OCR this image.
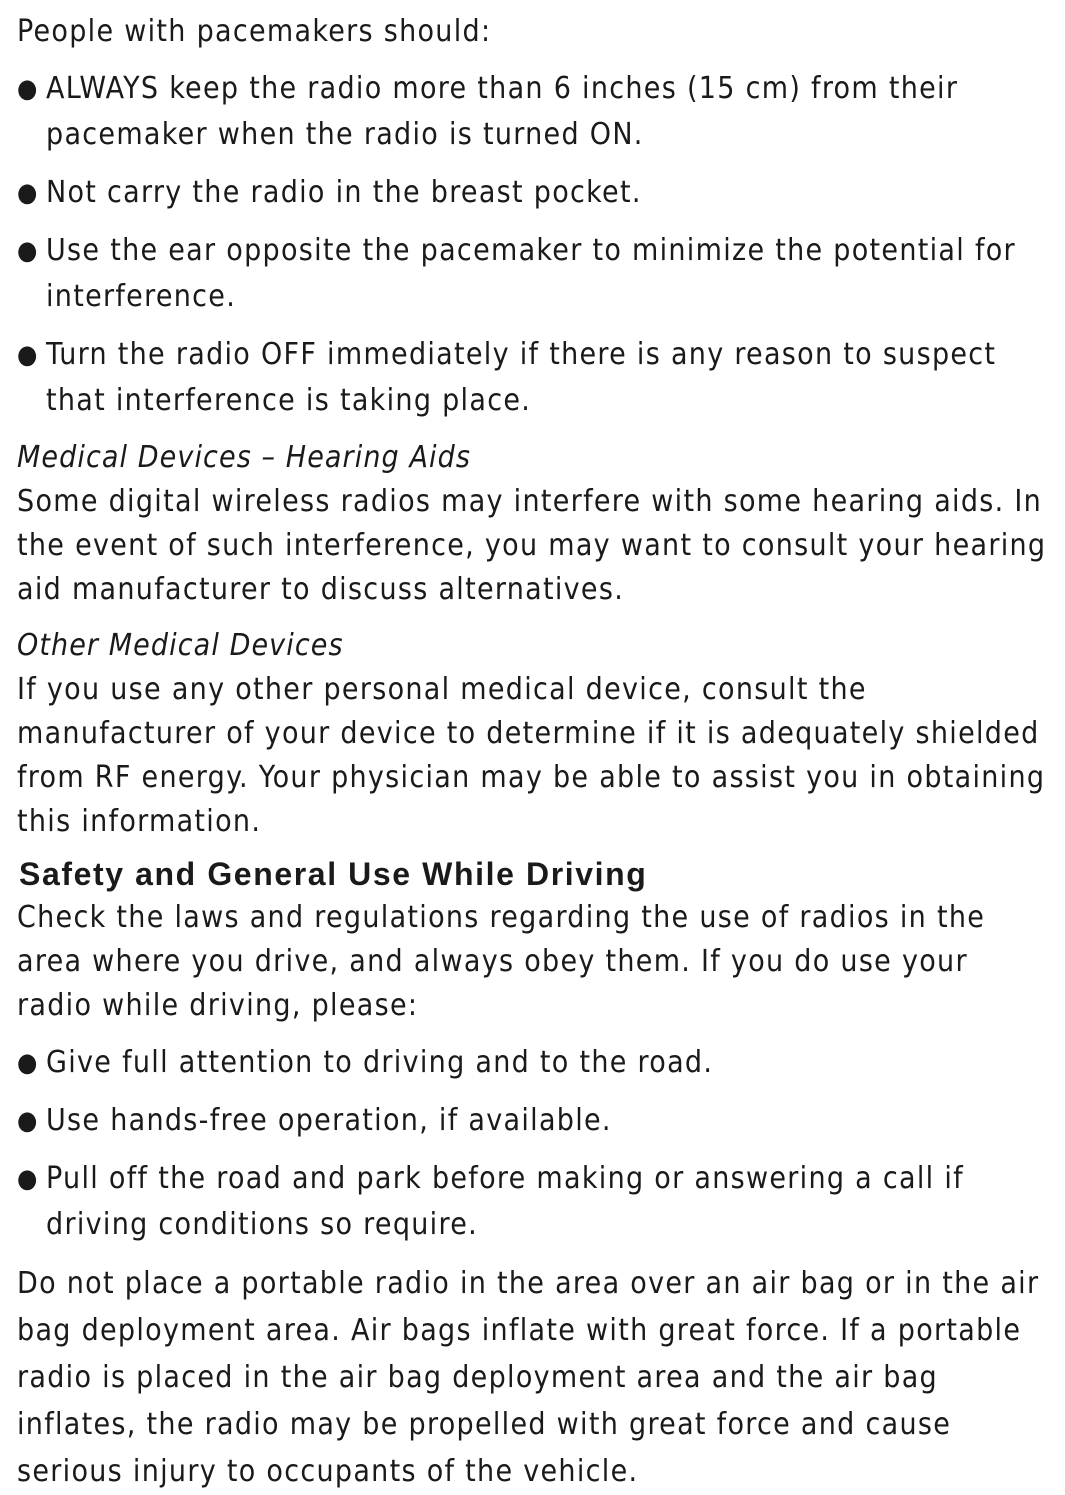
People with pacemakers should:

● ALWAYS keep the radio more than 6 inches (15 cm) from their pacemaker when the radio is turned ON.
● Not carry the radio in the breast pocket.
● Use the ear opposite the pacemaker to minimize the potential for interference.
● Turn the radio OFF immediately if there is any reason to suspect that interference is taking place.

Medical Devices – Hearing Aids

Some digital wireless radios may interfere with some hearing aids. In the event of such interference, you may want to consult your hearing aid manufacturer to discuss alternatives.

Other Medical Devices

If you use any other personal medical device, consult the manufacturer of your device to determine if it is adequately shielded from RF energy. Your physician may be able to assist you in obtaining this information.

Safety and General Use While Driving

Check the laws and regulations regarding the use of radios in the area where you drive, and always obey them. If you do use your radio while driving, please:

● Give full attention to driving and to the road.
● Use hands-free operation, if available.
● Pull off the road and park before making or answering a call if driving conditions so require.

Do not place a portable radio in the area over an air bag or in the air bag deployment area. Air bags inflate with great force. If a portable radio is placed in the air bag deployment area and the air bag inflates, the radio may be propelled with great force and cause serious injury to occupants of the vehicle.
